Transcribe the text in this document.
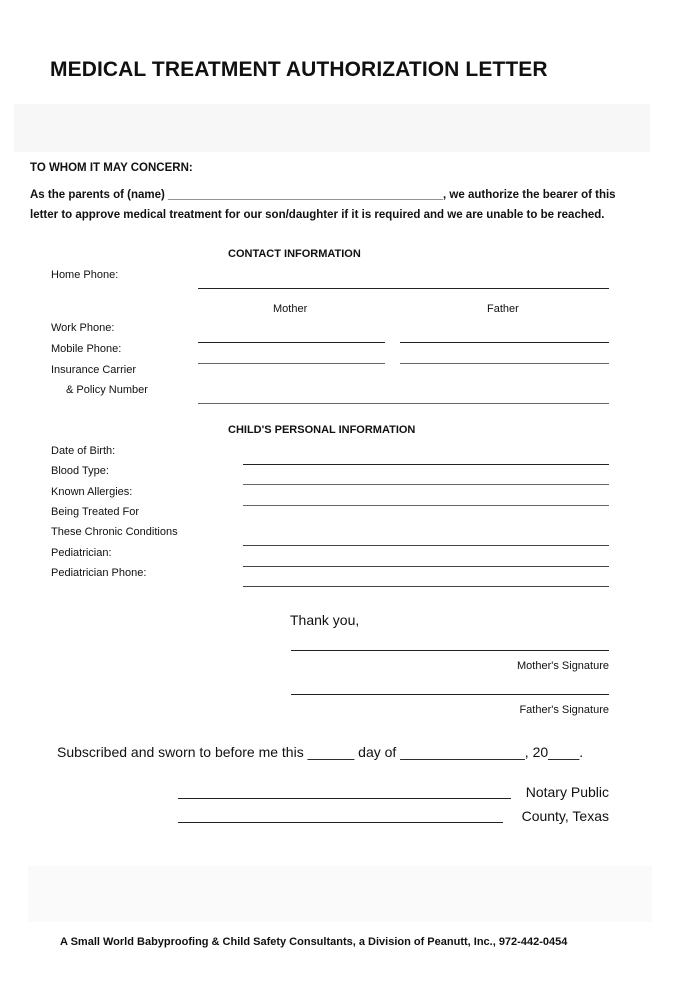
MEDICAL TREATMENT AUTHORIZATION LETTER
TO WHOM IT MAY CONCERN:
As the parents of (name) ___________________________________________, we authorize the bearer of this
letter to approve medical treatment for our son/daughter if it is required and we are unable to be reached.
CONTACT INFORMATION
Home Phone:
Mother	Father
Work Phone:
Mobile Phone:
Insurance Carrier
& Policy Number
CHILD'S PERSONAL INFORMATION
Date of Birth:
Blood Type:
Known Allergies:
Being Treated For
These Chronic Conditions
Pediatrician:
Pediatrician Phone:
Thank you,
Mother's Signature
Father's Signature
Subscribed and sworn to before me this ______ day of ________________, 20____.
Notary Public
County, Texas
A Small World Babyproofing & Child Safety Consultants, a Division of Peanutt, Inc., 972-442-0454
